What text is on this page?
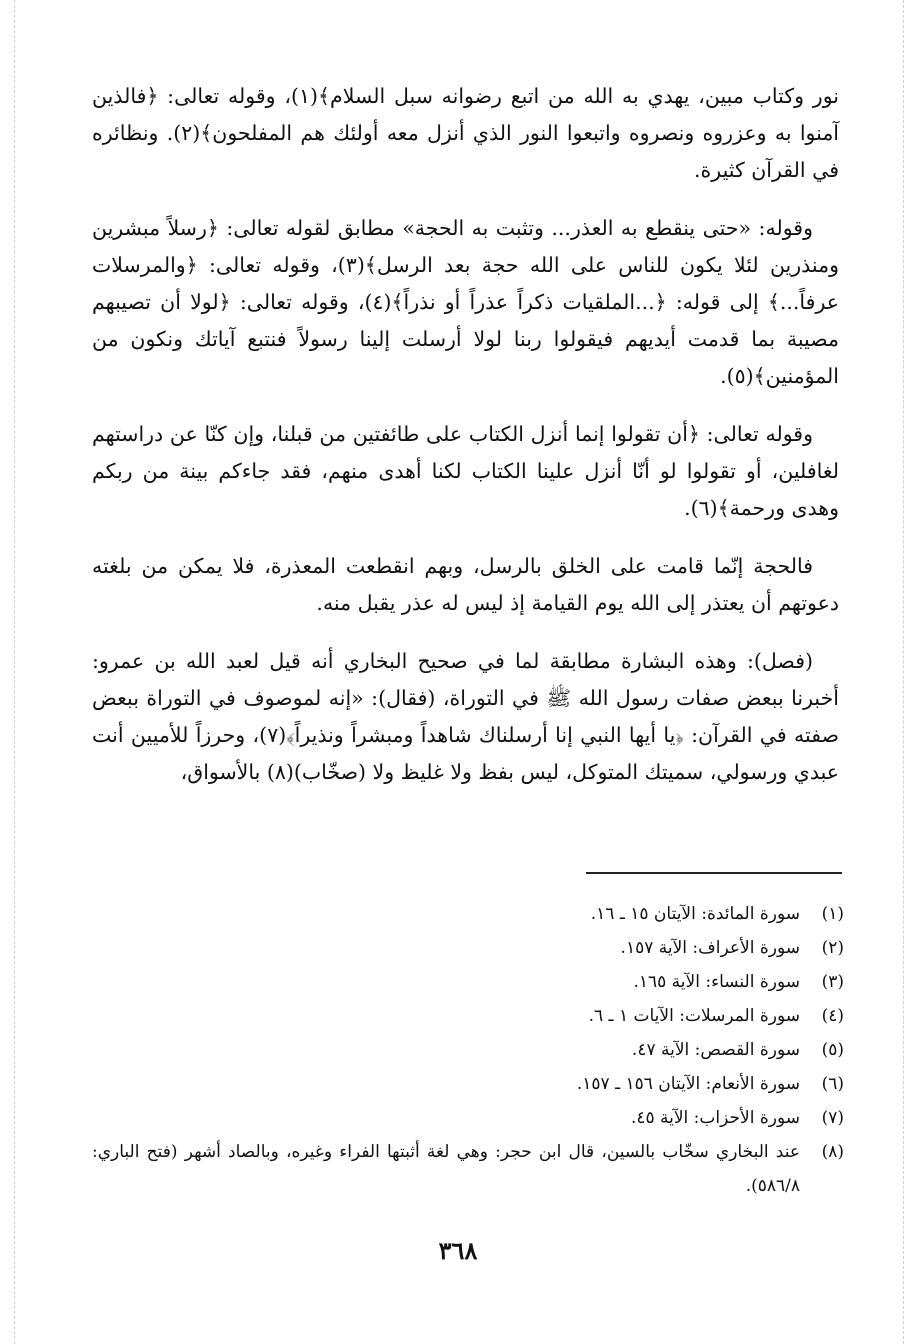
نور وكتاب مبين، يهدي به الله من اتبع رضوانه سبل السلام﴾(١)، وقوله تعالى: ﴿فالذين آمنوا به وعزروه ونصروه واتبعوا النور الذي أنزل معه أولئك هم المفلحون﴾(٢). ونظائره في القرآن كثيرة.

وقوله: «حتى ينقطع به العذر... وتثبت به الحجة» مطابق لقوله تعالى: ﴿رسلاً مبشرين ومنذرين لئلا يكون للناس على الله حجة بعد الرسل﴾(٣)، وقوله تعالى: ﴿والمرسلات عرفاً...﴾ إلى قوله: ﴿...الملقيات ذكراً عذراً أو نذراً﴾(٤)، وقوله تعالى: ﴿لولا أن تصيبهم مصيبة بما قدمت أيديهم فيقولوا ربنا لولا أرسلت إلينا رسولاً فنتبع آياتك ونكون من المؤمنين﴾(٥).

وقوله تعالى: ﴿أن تقولوا إنما أنزل الكتاب على طائفتين من قبلنا، وإن كنّا عن دراستهم لغافلين، أو تقولوا لو أنّا أنزل علينا الكتاب لكنا أهدى منهم، فقد جاءكم بينة من ربكم وهدى ورحمة﴾(٦).

فالحجة إنّما قامت على الخلق بالرسل، وبهم انقطعت المعذرة، فلا يمكن من بلغته دعوتهم أن يعتذر إلى الله يوم القيامة إذ ليس له عذر يقبل منه.

(فصل): وهذه البشارة مطابقة لما في صحيح البخاري أنه قيل لعبد الله بن عمرو: أخبرنا ببعض صفات رسول الله ﷺ في التوراة، (فقال): «إنه لموصوف في التوراة ببعض صفته في القرآن: ﴿يا أيها النبي إنا أرسلناك شاهداً ومبشراً ونذيراً﴾(٧)، وحرزاً للأميين أنت عبدي ورسولي، سميتك المتوكل، ليس بفظ ولا غليظ ولا (صخّاب)(٨) بالأسواق،

(١)
سورة المائدة: الآيتان ١٥ ـ ١٦.
(٢)
سورة الأعراف: الآية ١٥٧.
(٣)
سورة النساء: الآية ١٦٥.
(٤)
سورة المرسلات: الآيات ١ ـ ٦.
(٥)
سورة القصص: الآية ٤٧.
(٦)
سورة الأنعام: الآيتان ١٥٦ ـ ١٥٧.
(٧)
سورة الأحزاب: الآية ٤٥.
(٨)
عند البخاري سخّاب بالسين، قال ابن حجر: وهي لغة أثبتها الفراء وغيره، وبالصاد أشهر (فتح الباري: ٥٨٦/٨).
٣٦٨
